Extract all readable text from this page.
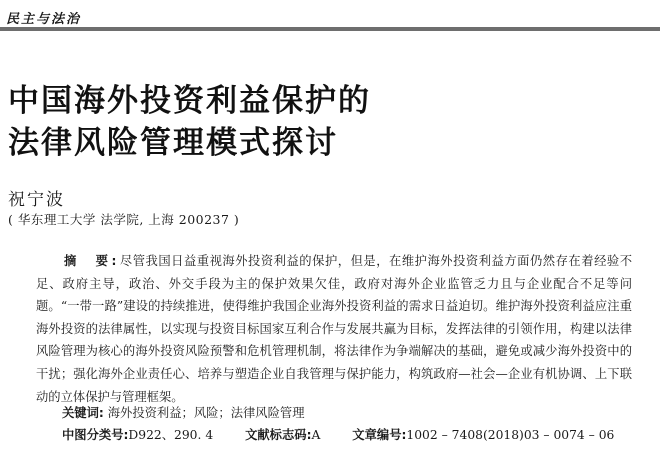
民主与法治
中国海外投资利益保护的
法律风险管理模式探讨
祝宁波
( 华东理工大学 法学院, 上海 200237 )

摘　要:尽管我国日益重视海外投资利益的保护，但是，在维护海外投资利益方面仍然存在着经验不足、政府主导，政治、外交手段为主的保护效果欠佳，政府对海外企业监管乏力且与企业配合不足等问题。“一带一路”建设的持续推进，使得维护我国企业海外投资利益的需求日益迫切。维护海外投资利益应注重海外投资的法律属性，以实现与投资目标国家互利合作与发展共赢为目标，发挥法律的引领作用，构建以法律风险管理为核心的海外投资风险预警和危机管理机制，将法律作为争端解决的基础，避免或减少海外投资中的干扰；强化海外企业责任心、培养与塑造企业自我管理与保护能力，构筑政府—社会—企业有机协调、上下联动的立体保护与管理框架。

关键词: 海外投资利益；风险；法律风险管理
中图分类号:D922、290. 4	文献标志码:A	文章编号:1002 – 7408(2018)03 – 0074 – 06
